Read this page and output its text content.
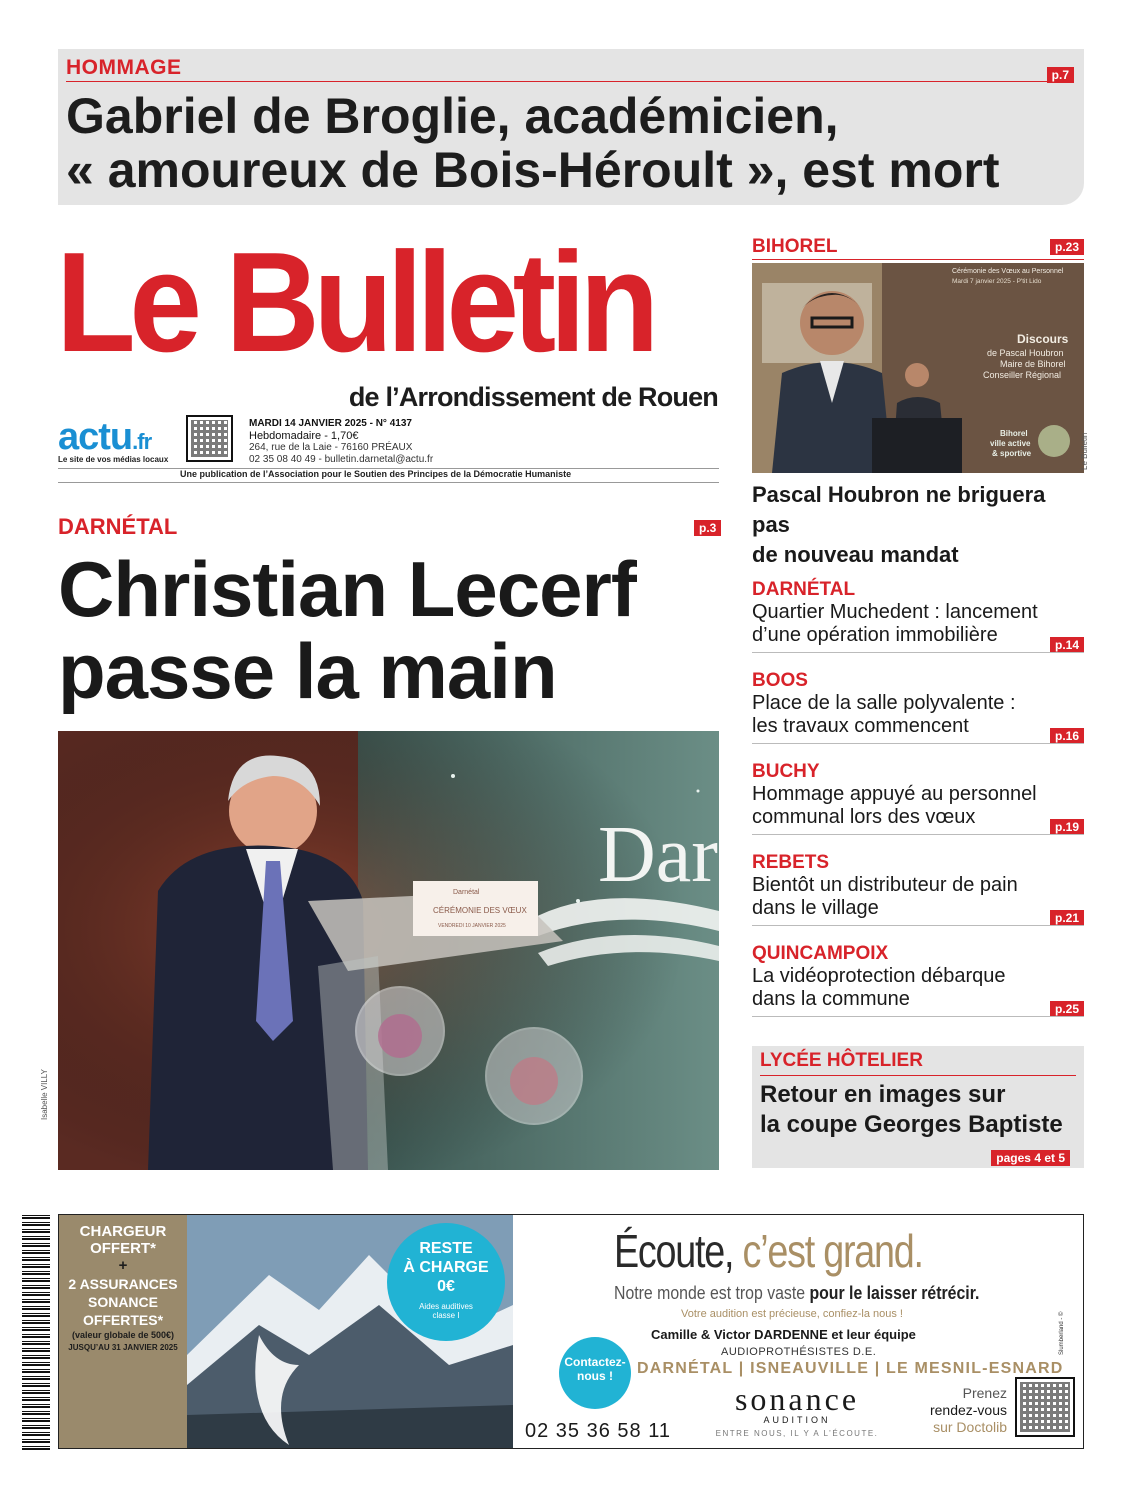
HOMMAGE	p.7
Gabriel de Broglie, académicien,
« amoureux de Bois-Héroult », est mort
Le Bulletin
de l’Arrondissement de Rouen
actu.fr
Le site de vos médias locaux
MARDI 14 JANVIER 2025 - N° 4137
Hebdomadaire - 1,70€
264, rue de la Laie - 76160 PRÉAUX
02 35 08 40 49 - bulletin.darnetal@actu.fr
Une publication de l’Association pour le Soutien des Principes de la Démocratie Humaniste
DARNÉTAL	p.3
Christian Lecerf
passe la main
Dar
Darnétal
CÉRÉMONIE DES VŒUX
VENDREDI 10 JANVIER 2025
Isabelle VILLY
BIHOREL	p.23
Cérémonie des Vœux au Personnel
Mardi 7 janvier 2025 - P'tit Lido
Discours
de Pascal Houbron
Maire de Bihorel
Conseiller Régional
Bihorel
ville active
& sportive	Le Bulletin
Pascal Houbron ne briguera pas
de nouveau mandat
DARNÉTAL
Quartier Muchedent : lancement
d’une opération immobilière	p.14
BOOS
Place de la salle polyvalente :
les travaux commencent	p.16
BUCHY
Hommage appuyé au personnel
communal lors des vœux	p.19
REBETS
Bientôt un distributeur de pain
dans le village	p.21
QUINCAMPOIX
La vidéoprotection débarque
dans la commune	p.25
LYCÉE HÔTELIER
Retour en images sur
la coupe Georges Baptiste
pages 4 et 5
CHARGEUR
OFFERT*
+
2 ASSURANCES
SONANCE
OFFERTES*
(valeur globale de 500€)
JUSQU’AU 31 JANVIER 2025
RESTE
À CHARGE
0€
Aides auditives
classe I
Écoute, c’est grand.
Notre monde est trop vaste pour le laisser rétrécir.
Votre audition est précieuse, confiez-la nous !
Camille & Victor DARDENNE et leur équipe
AUDIOPROTHÉSISTES D.E.
DARNÉTAL | ISNEAUVILLE | LE MESNIL-ESNARD
Contactez-
nous !
02 35 36 58 11
sonance
AUDITION
ENTRE NOUS, IL Y A L’ÉCOUTE.
Prenez
rendez-vous
sur Doctolib
Slumberland - ©
